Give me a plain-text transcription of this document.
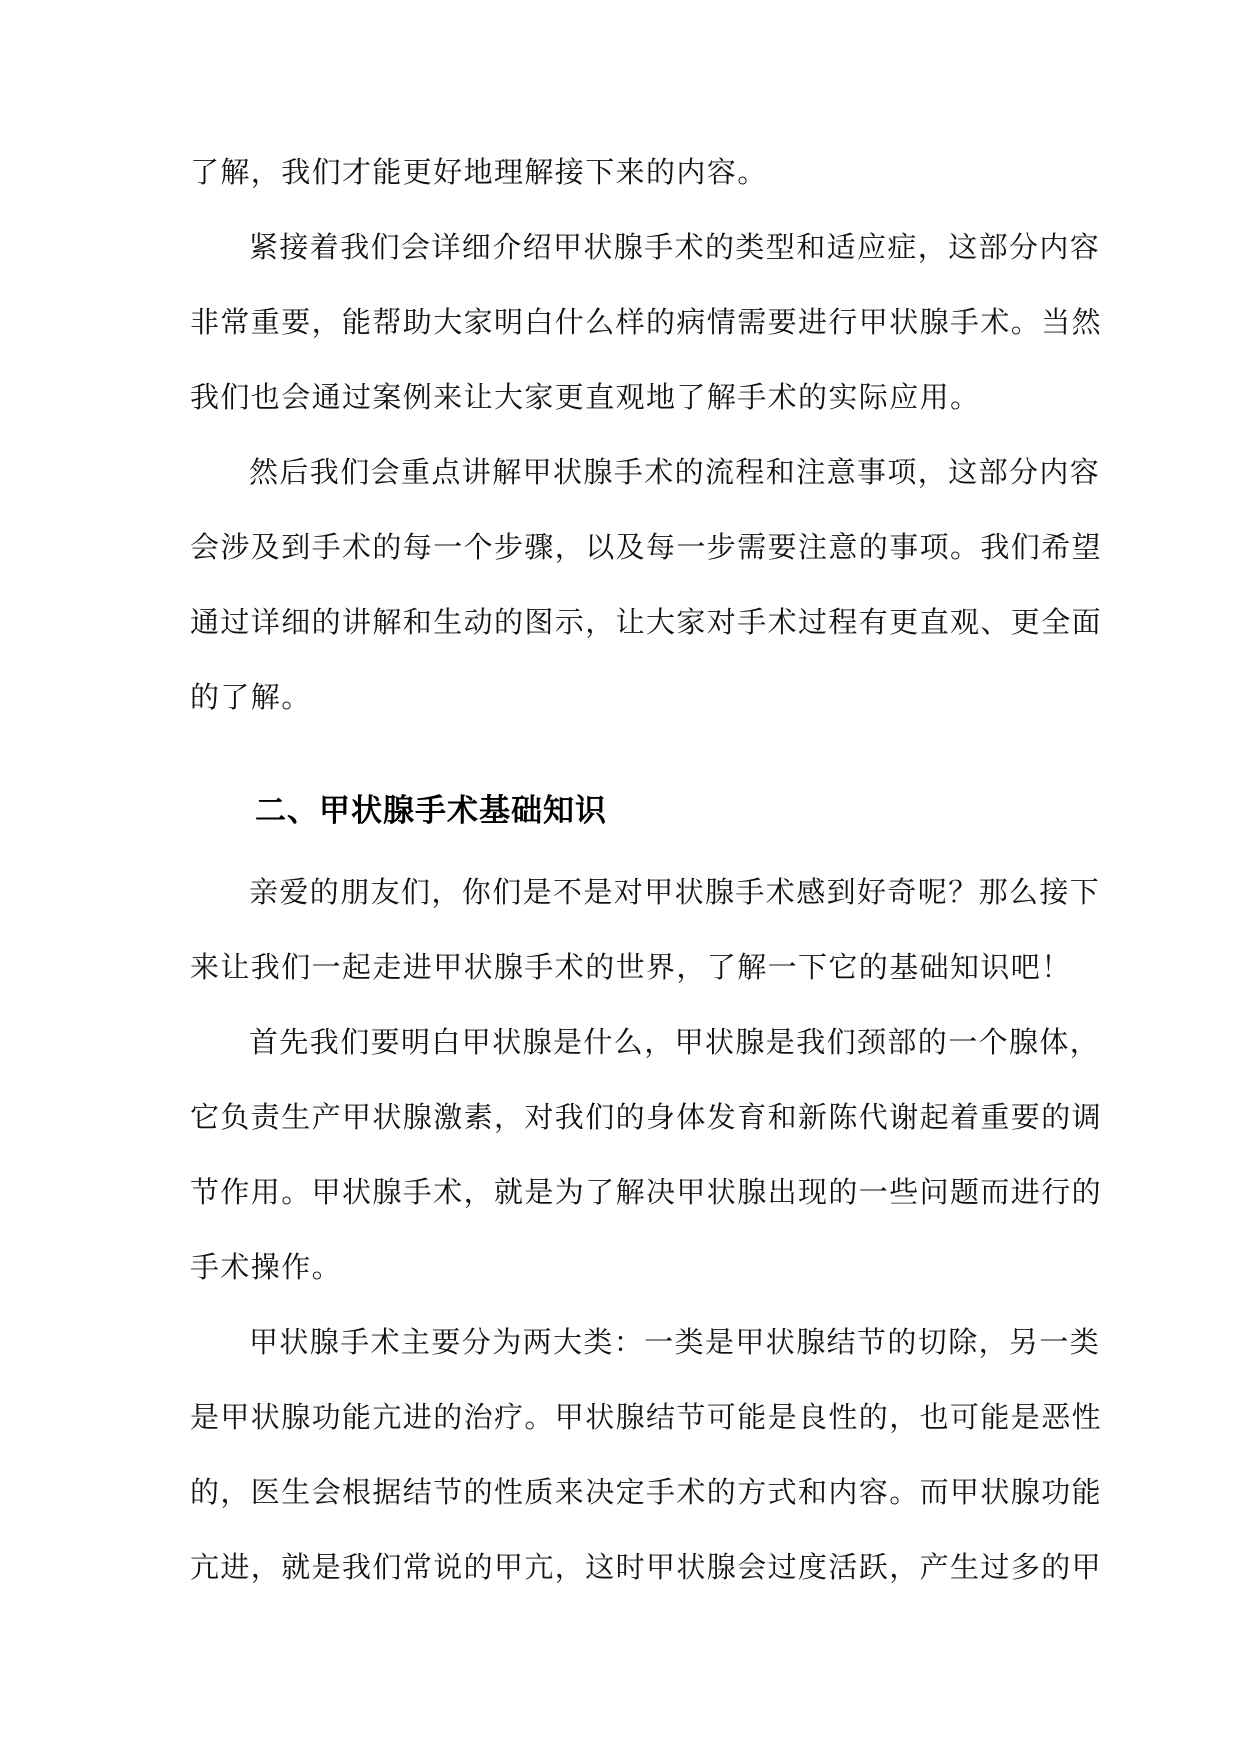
了解，我们才能更好地理解接下来的内容。
紧接着我们会详细介绍甲状腺手术的类型和适应症，这部分内容
非常重要，能帮助大家明白什么样的病情需要进行甲状腺手术。当然
我们也会通过案例来让大家更直观地了解手术的实际应用。
然后我们会重点讲解甲状腺手术的流程和注意事项，这部分内容
会涉及到手术的每一个步骤，以及每一步需要注意的事项。我们希望
通过详细的讲解和生动的图示，让大家对手术过程有更直观、更全面
的了解。
二、甲状腺手术基础知识
亲爱的朋友们，你们是不是对甲状腺手术感到好奇呢？那么接下
来让我们一起走进甲状腺手术的世界，了解一下它的基础知识吧！
首先我们要明白甲状腺是什么，甲状腺是我们颈部的一个腺体，
它负责生产甲状腺激素，对我们的身体发育和新陈代谢起着重要的调
节作用。甲状腺手术，就是为了解决甲状腺出现的一些问题而进行的
手术操作。
甲状腺手术主要分为两大类：一类是甲状腺结节的切除，另一类
是甲状腺功能亢进的治疗。甲状腺结节可能是良性的，也可能是恶性
的，医生会根据结节的性质来决定手术的方式和内容。而甲状腺功能
亢进，就是我们常说的甲亢，这时甲状腺会过度活跃，产生过多的甲
